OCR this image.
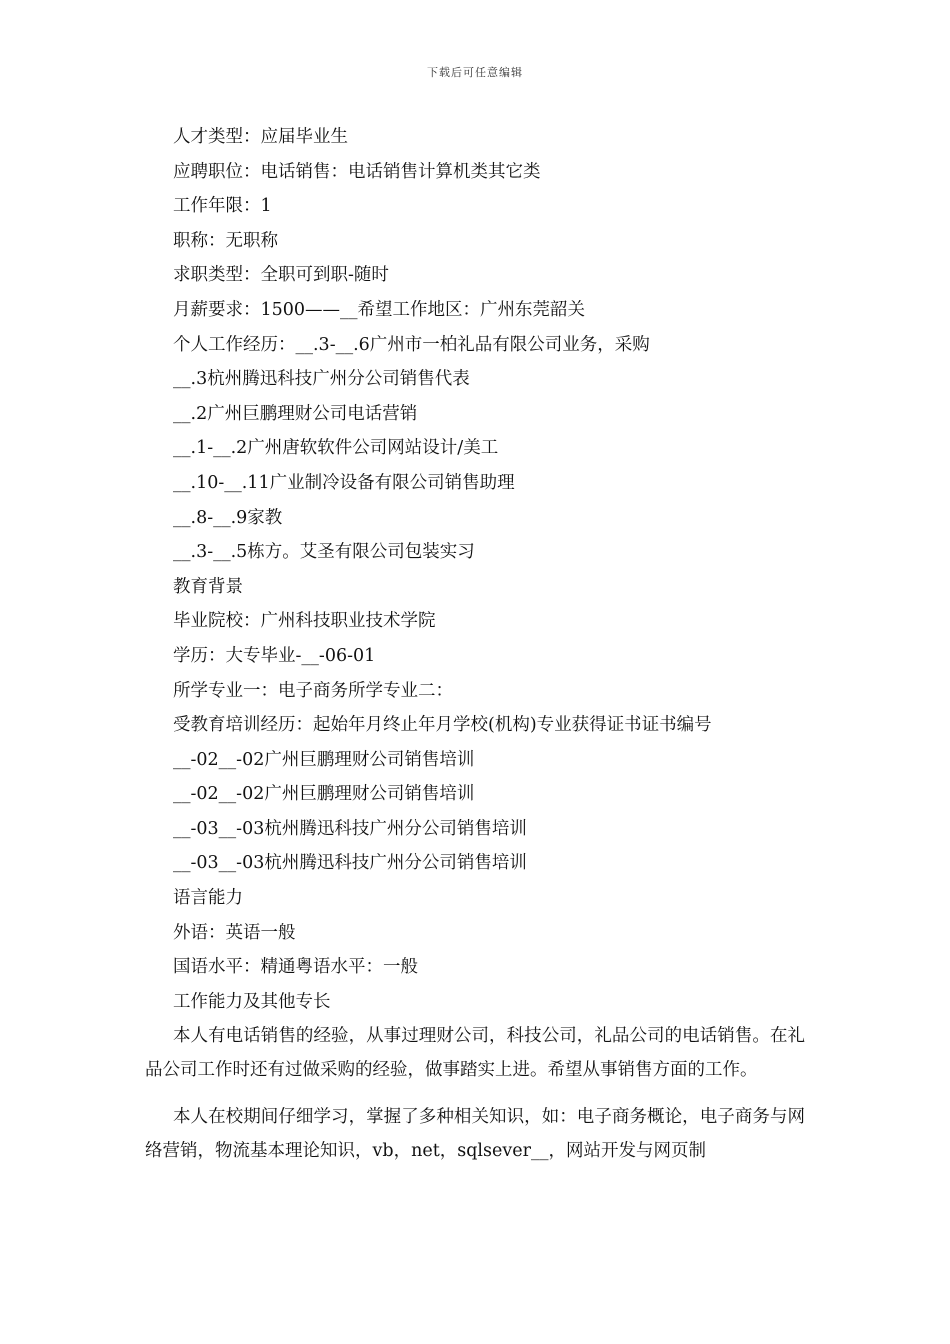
下载后可任意编辑
人才类型：应届毕业生
应聘职位：电话销售：电话销售计算机类其它类
工作年限：1
职称：无职称
求职类型：全职可到职-随时
月薪要求：1500——__希望工作地区：广州东莞韶关
个人工作经历：__.3-__.6广州市一柏礼品有限公司业务，采购
__.3杭州腾迅科技广州分公司销售代表
__.2广州巨鹏理财公司电话营销
__.1-__.2广州唐软软件公司网站设计/美工
__.10-__.11广业制冷设备有限公司销售助理
__.8-__.9家教
__.3-__.5栋方。艾圣有限公司包装实习
教育背景
毕业院校：广州科技职业技术学院
学历：大专毕业-__-06-01
所学专业一：电子商务所学专业二：
受教育培训经历：起始年月终止年月学校(机构)专业获得证书证书编号
__-02__-02广州巨鹏理财公司销售培训
__-02__-02广州巨鹏理财公司销售培训
__-03__-03杭州腾迅科技广州分公司销售培训
__-03__-03杭州腾迅科技广州分公司销售培训
语言能力
外语：英语一般
国语水平：精通粤语水平：一般
工作能力及其他专长

本人有电话销售的经验，从事过理财公司，科技公司，礼品公司的电话销售。在礼品公司工作时还有过做采购的经验，做事踏实上进。希望从事销售方面的工作。

本人在校期间仔细学习，掌握了多种相关知识，如：电子商务概论，电子商务与网络营销，物流基本理论知识，vb，net，sqlsever__，网站开发与网页制
